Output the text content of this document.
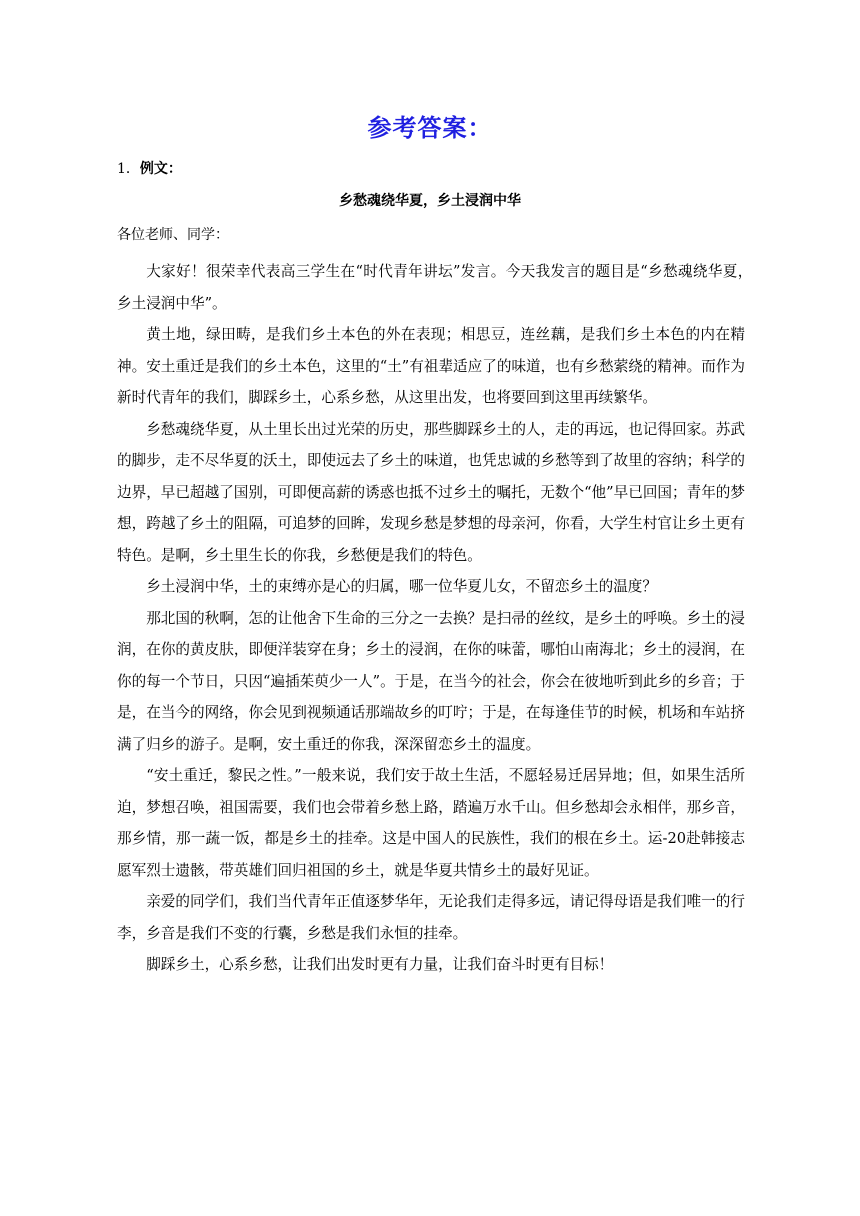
参考答案：
1．例文：
乡愁魂绕华夏，乡土浸润中华
各位老师、同学：

大家好！很荣幸代表高三学生在“时代青年讲坛”发言。今天我发言的题目是“乡愁魂绕华夏，　乡土浸润中华”。

黄土地，绿田畴，是我们乡土本色的外在表现；相思豆，连丝藕，是我们乡土本色的内在精神。安土重迁是我们的乡土本色，这里的“土”有祖辈适应了的味道，也有乡愁萦绕的精神。而作为新时代青年的我们，脚踩乡土，心系乡愁，从这里出发，也将要回到这里再续繁华。

乡愁魂绕华夏，从土里长出过光荣的历史，那些脚踩乡土的人，走的再远，也记得回家。苏武的脚步，走不尽华夏的沃土，即使远去了乡土的味道，也凭忠诚的乡愁等到了故里的容纳；科学的边界，早已超越了国别，可即便高薪的诱惑也抵不过乡土的嘱托，无数个“他”早已回国；青年的梦想，跨越了乡土的阻隔，可追梦的回眸，发现乡愁是梦想的母亲河，你看，大学生村官让乡土更有特色。是啊，乡土里生长的你我，乡愁便是我们的特色。

乡土浸润中华，土的束缚亦是心的归属，哪一位华夏儿女，不留恋乡土的温度？

那北国的秋啊，怎的让他舍下生命的三分之一去换？是扫帚的丝纹，是乡土的呼唤。乡土的浸润，在你的黄皮肤，即便洋装穿在身；乡土的浸润，在你的味蕾，哪怕山南海北；乡土的浸润，在你的每一个节日，只因“遍插茱萸少一人”。于是，在当今的社会，你会在彼地听到此乡的乡音；于是，在当今的网络，你会见到视频通话那端故乡的叮咛；于是，在每逢佳节的时候，机场和车站挤满了归乡的游子。是啊，安土重迁的你我，深深留恋乡土的温度。

“安土重迁，黎民之性。”一般来说，我们安于故土生活，不愿轻易迁居异地；但，如果生活所迫，梦想召唤，祖国需要，我们也会带着乡愁上路，踏遍万水千山。但乡愁却会永相伴，那乡音，那乡情，那一蔬一饭，都是乡土的挂牵。这是中国人的民族性，我们的根在乡土。运-20赴韩接志愿军烈士遗骸，带英雄们回归祖国的乡土，就是华夏共情乡土的最好见证。

亲爱的同学们，我们当代青年正值逐梦华年，无论我们走得多远，请记得母语是我们唯一的行李，乡音是我们不变的行囊，乡愁是我们永恒的挂牵。

脚踩乡土，心系乡愁，让我们出发时更有力量，让我们奋斗时更有目标！
